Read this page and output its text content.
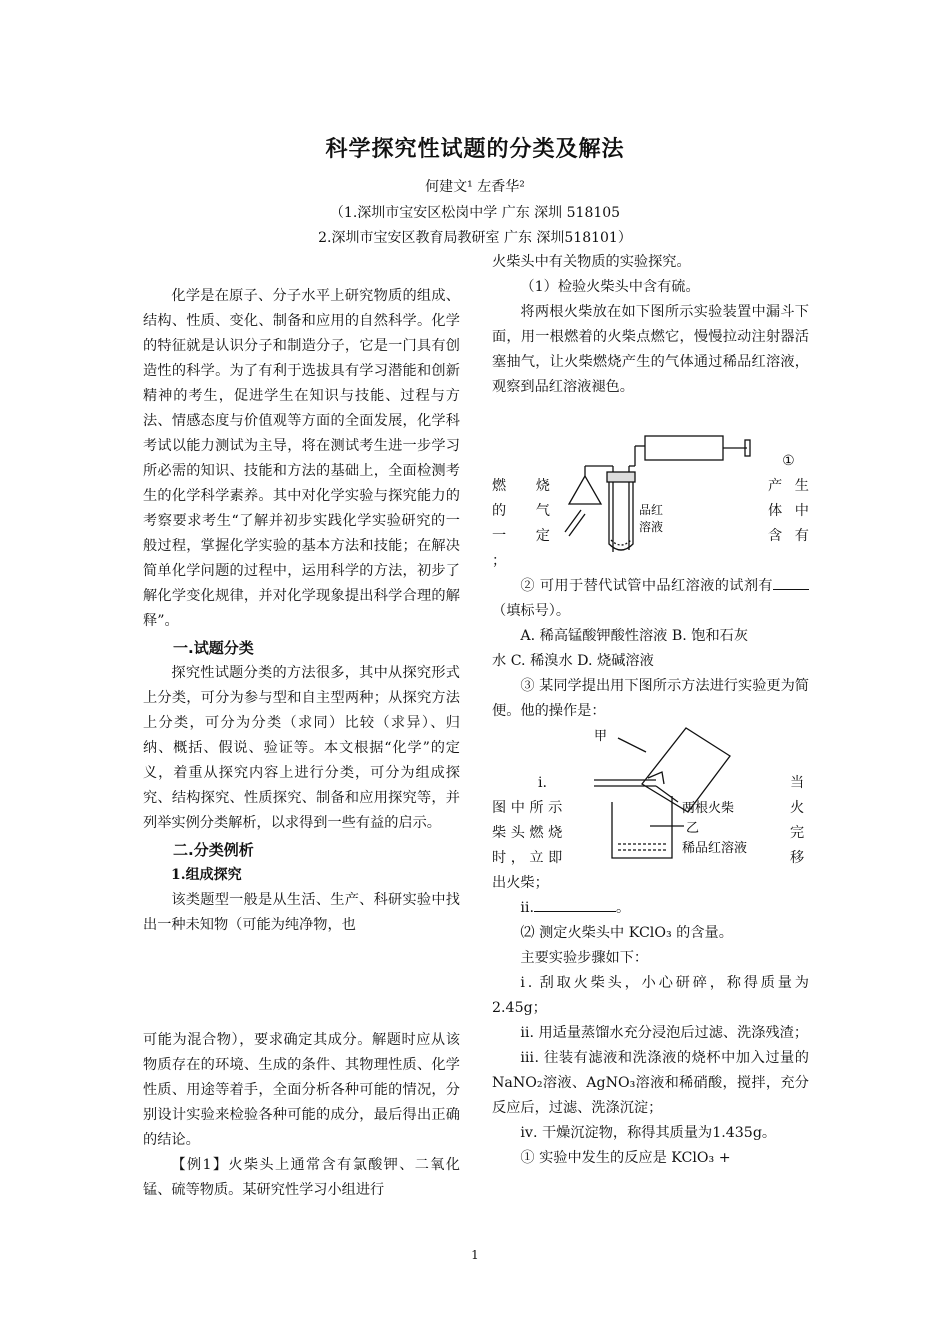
科学探究性试题的分类及解法
何建文¹ 左香华²
（1.深圳市宝安区松岗中学 广东 深圳 518105
2.深圳市宝安区教育局教研室 广东 深圳518101）

化学是在原子、分子水平上研究物质的组成、结构、性质、变化、制备和应用的自然科学。化学的特征就是认识分子和制造分子，它是一门具有创造性的科学。为了有利于选拔具有学习潜能和创新精神的考生，促进学生在知识与技能、过程与方法、情感态度与价值观等方面的全面发展，化学科考试以能力测试为主导，将在测试考生进一步学习所必需的知识、技能和方法的基础上，全面检测考生的化学科学素养。其中对化学实验与探究能力的考察要求考生“了解并初步实践化学实验研究的一般过程，掌握化学实验的基本方法和技能；在解决简单化学问题的过程中，运用科学的方法，初步了解化学变化规律，并对化学现象提出科学合理的解释”。

一.试题分类

探究性试题分类的方法很多，其中从探究形式上分类，可分为参与型和自主型两种；从探究方法上分类，可分为分类（求同）比较（求异）、归纳、概括、假说、验证等。本文根据“化学”的定义，着重从探究内容上进行分类，可分为组成探究、结构探究、性质探究、制备和应用探究等，并列举实例分类解析，以求得到一些有益的启示。

二.分类例析

1.组成探究

该类题型一般是从生活、生产、科研实验中找出一种未知物（可能为纯净物，也

可能为混合物），要求确定其成分。解题时应从该物质存在的环境、生成的条件、其物理性质、化学性质、用途等着手，全面分析各种可能的情况，分别设计实验来检验各种可能的成分，最后得出正确的结论。

【例1】火柴头上通常含有氯酸钾、二氧化锰、硫等物质。某研究性学习小组进行

火柴头中有关物质的实验探究。

（1）检验火柴头中含有硫。

将两根火柴放在如下图所示实验装置中漏斗下面，用一根燃着的火柴点燃它，慢慢拉动注射器活塞抽气，让火柴燃烧产生的气体通过稀品红溶液，观察到品红溶液褪色。

品红
溶液
①
燃 烧
的 气
一 定
；
产 生
体 中
含 有

② 可用于替代试管中品红溶液的试剂有（填标号）。

A. 稀高锰酸钾酸性溶液 B. 饱和石灰

水 C. 稀溴水 D. 烧碱溶液

③ 某同学提出用下图所示方法进行实验更为简便。他的操作是：

甲
两根火柴
乙
稀品红溶液
ⅰ.	当
图 中 所 示	火
柴 头 燃 烧	完
时 ， 立 即	移
出火柴；

ⅱ.	。

⑵ 测定火柴头中 KClO₃ 的含量。

主要实验步骤如下：

ⅰ. 刮取火柴头，小心研碎，称得质量为2.45g；

ⅱ. 用适量蒸馏水充分浸泡后过滤、洗涤残渣；

ⅲ. 往装有滤液和洗涤液的烧杯中加入过量的 NaNO₂溶液、AgNO₃溶液和稀硝酸，搅拌，充分反应后，过滤、洗涤沉淀；

ⅳ. 干燥沉淀物，称得其质量为1.435g。

① 实验中发生的反应是 KClO₃ +

1
